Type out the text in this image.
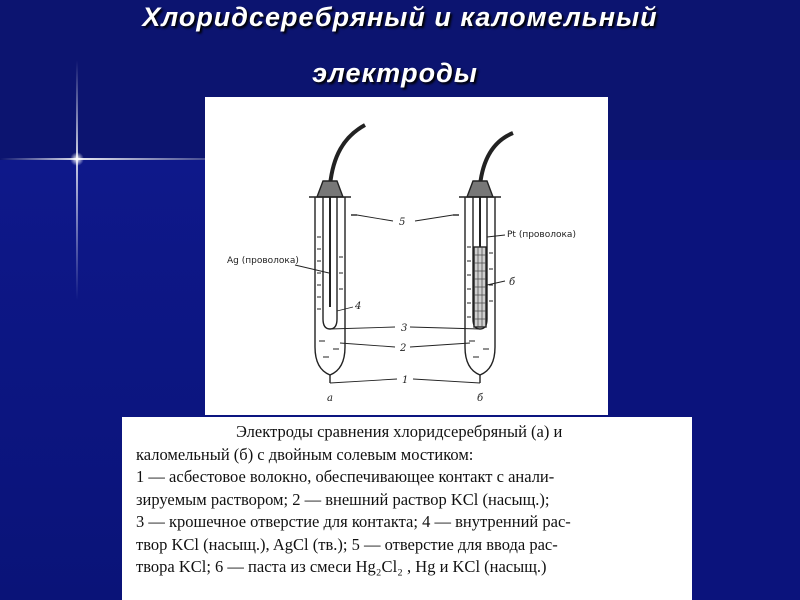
Хлоридсеребряный и каломельный
электроды
5
Ag (проволока)
Pt (проволока)
б
4
3
2
1
а	б
Электроды сравнения хлоридсеребряный (а) и
каломельный (б) с двойным солевым мостиком:
1 — асбестовое волокно, обеспечивающее контакт с анали-
зируемым раствором; 2 — внешний раствор KCl (насыщ.);
3 — крошечное отверстие для контакта; 4 — внутренний рас-
твор KCl (насыщ.), AgCl (тв.); 5 — отверстие для ввода рас-
твора KCl; 6 — паста из смеси Hg₂Cl₂ , Hg и KCl (насыщ.)
